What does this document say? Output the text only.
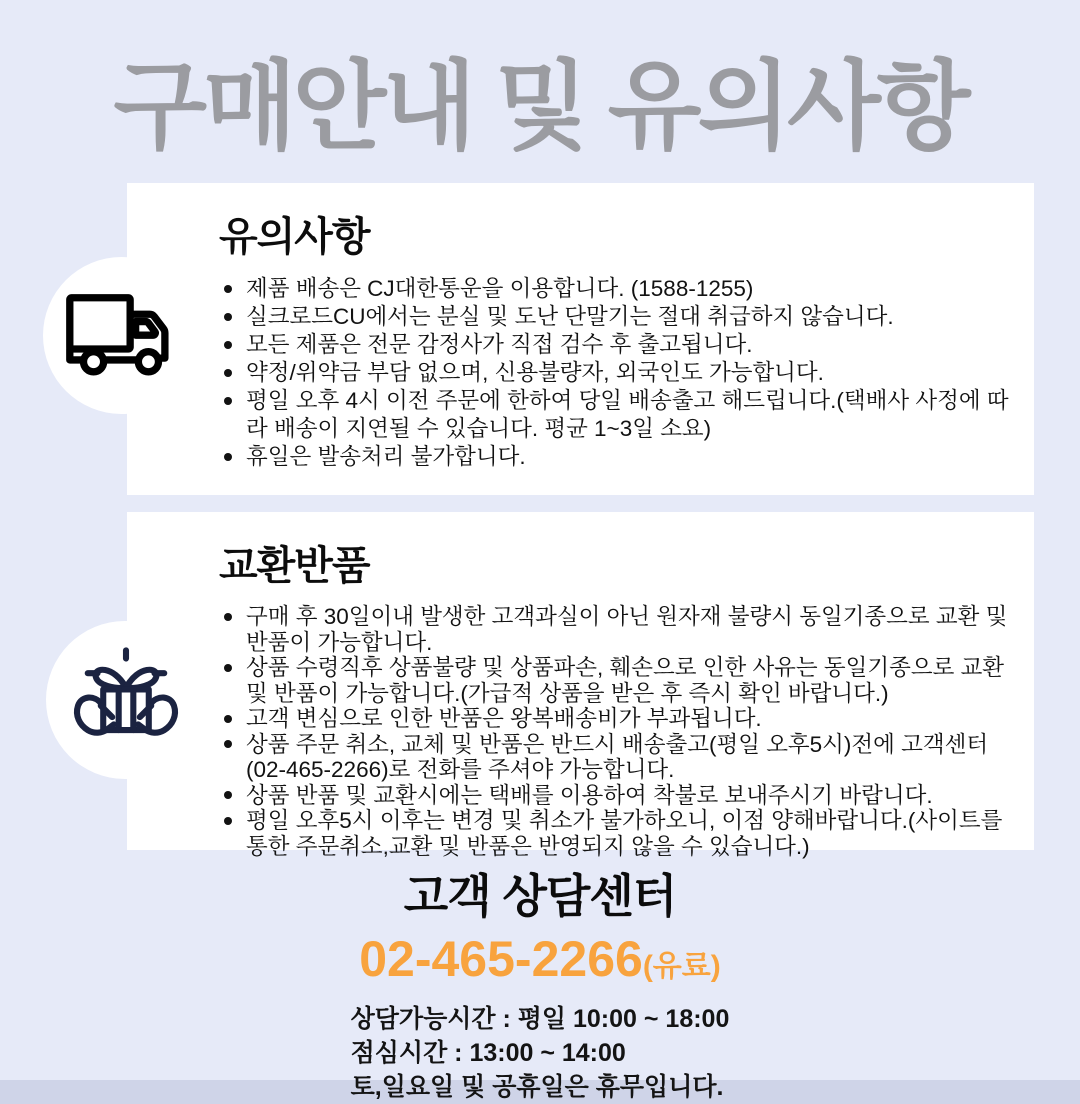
구매안내 및 유의사항
유의사항
제품 배송은 CJ대한통운을 이용합니다. (1588-1255)
실크로드CU에서는 분실 및 도난 단말기는 절대 취급하지 않습니다.
모든 제품은 전문 감정사가 직접 검수 후 출고됩니다.
약정/위약금 부담 없으며, 신용불량자, 외국인도 가능합니다.
평일 오후 4시 이전 주문에 한하여 당일 배송출고 해드립니다.(택배사 사정에 따라 배송이 지연될 수 있습니다. 평균 1~3일 소요)
휴일은 발송처리 불가합니다.
교환반품
구매 후 30일이내 발생한 고객과실이 아닌 원자재 불량시 동일기종으로 교환 및 반품이 가능합니다.
상품 수령직후 상품불량 및 상품파손, 훼손으로 인한 사유는 동일기종으로 교환 및 반품이 가능합니다.(가급적 상품을 받은 후 즉시 확인 바랍니다.)
고객 변심으로 인한 반품은 왕복배송비가 부과됩니다.
상품 주문 취소, 교체 및 반품은 반드시 배송출고(평일 오후5시)전에 고객센터(02-465-2266)로 전화를 주셔야 가능합니다.
상품 반품 및 교환시에는 택배를 이용하여 착불로 보내주시기 바랍니다.
평일 오후5시 이후는 변경 및 취소가 불가하오니, 이점 양해바랍니다.(사이트를 통한 주문취소,교환 및 반품은 반영되지 않을 수 있습니다.)
고객 상담센터
02-465-2266(유료)
상담가능시간 : 평일 10:00 ~ 18:00
점심시간 : 13:00 ~ 14:00
토,일요일 및 공휴일은 휴무입니다.
